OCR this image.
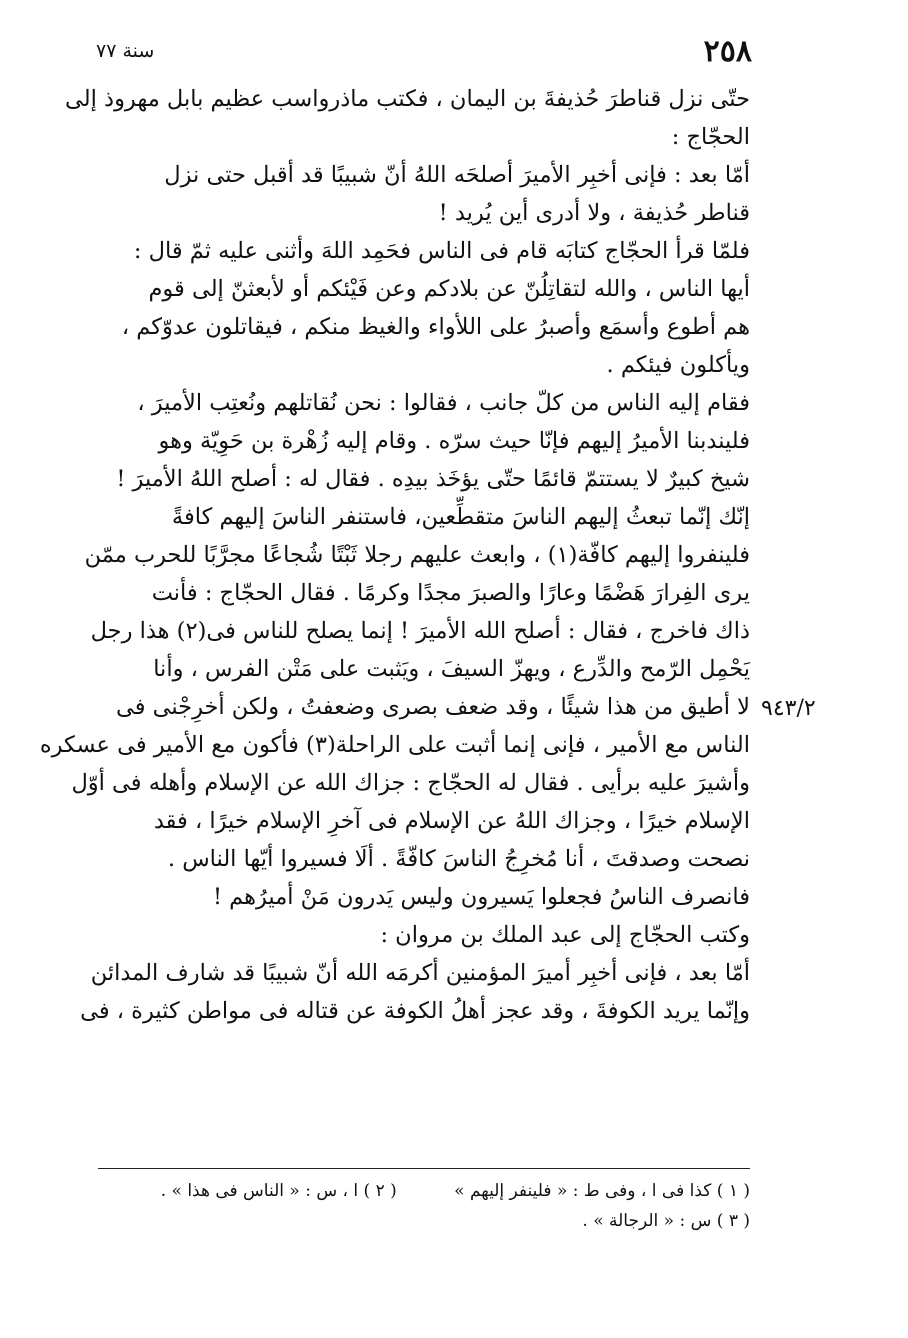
٢٥٨
سنة ٧٧
٩٤٣/٢
حتّى نزل قناطرَ حُذيفةَ بن اليمان ، فكتب ماذرواسب عظيم بابل مهروذ إلى
الحجّاج :
أمّا بعد : فإنى أخبِر الأميرَ أصلحَه اللهُ أنّ شبيبًا قد أقبل حتى نزل
قناطر حُذيفة ، ولا أدرى أين يُريد !
فلمّا قرأ الحجّاج كتابَه قام فى الناس فحَمِد اللهَ وأثنى عليه ثمّ قال :
أيها الناس ، والله لتقاتِلُنّ عن بلادكم وعن فَيْئكم أو لأبعثنّ إلى قوم
هم أطوع وأسمَع وأصبرُ على اللأواء والغيظ منكم ، فيقاتلون عدوّكم ،
ويأكلون فيئكم .
فقام إليه الناس من كلّ جانب ، فقالوا : نحن نُقاتلهم ونُعتِب الأميرَ ،
فليندبنا الأميرُ إليهم فإنّا حيث سرّه . وقام إليه زُهْرة بن حَوِيّة وهو
شيخ كبيرٌ لا يستتمّ قائمًا حتّى يؤخَذ بيدِه . فقال له : أصلح اللهُ الأميرَ !
إنّك إنّما تبعثُ إليهم الناسَ متقطِّعين، فاستنفر الناسَ إليهم كافةً
فلينفروا إليهم كافّة(١) ، وابعث عليهم رجلا ثَبْتًا شُجاعًا مجرَّبًا للحرب ممّن
يرى الفِرارَ هَضْمًا وعارًا والصبرَ مجدًا وكرمًا . فقال الحجّاج : فأنت
ذاك فاخرج ، فقال : أصلح الله الأميرَ ! إنما يصلح للناس فى(٢) هذا رجل
يَحْمِل الرّمح والدِّرع ، ويهزّ السيفَ ، ويَثبت على مَتْن الفرس ، وأنا
لا أطيق من هذا شيئًا ، وقد ضعف بصرى وضعفتُ ، ولكن أخرِجْنى فى
الناس مع الأمير ، فإنى إنما أثبت على الراحلة(٣) فأكون مع الأمير فى عسكره
وأشيرَ عليه برأيى . فقال له الحجّاج : جزاك الله عن الإسلام وأهله فى أوّل
الإسلام خيرًا ، وجزاك اللهُ عن الإسلام فى آخرِ الإسلام خيرًا ، فقد
نصحت وصدقتَ ، أنا مُخرِجُ الناسَ كافّةً . ألَا فسيروا أيّها الناس .
فانصرف الناسُ فجعلوا يَسيرون وليس يَدرون مَنْ أميرُهم !
وكتب الحجّاج إلى عبد الملك بن مروان :
أمّا بعد ، فإنى أخبِر أميرَ المؤمنين أكرمَه الله أنّ شبيبًا قد شارف المدائن
وإنّما يريد الكوفةَ ، وقد عجز أهلُ الكوفة عن قتاله فى مواطن كثيرة ، فى
( ١ ) كذا فى ا ، وفى ط : « فلينفر إليهم » ( ٢ ) ا ، س : « الناس فى هذا » .
( ٣ ) س : « الرجالة » .
